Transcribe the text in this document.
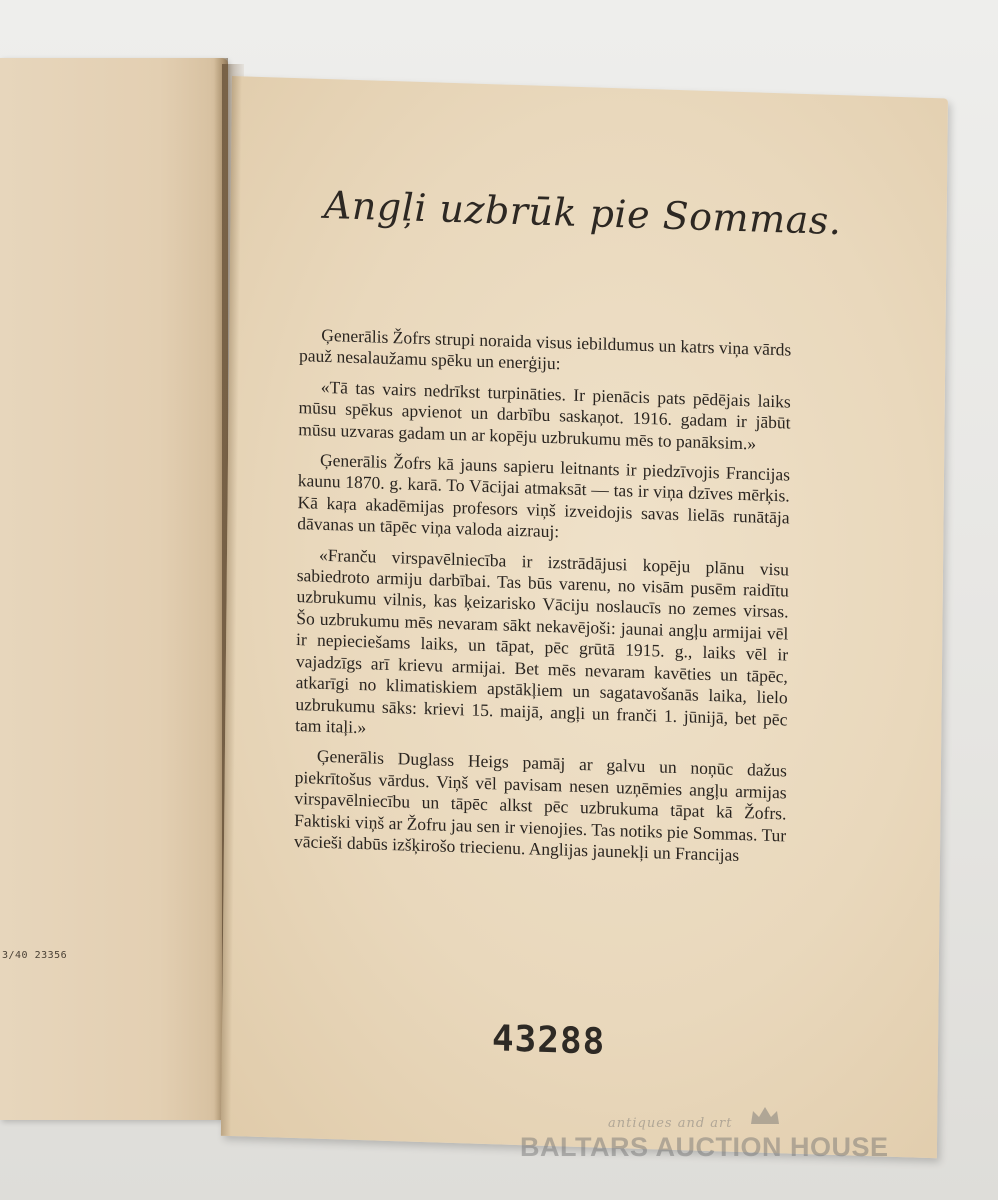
3/40 23356
Angļi uzbrūk pie Sommas.

Ģenerālis Žofrs strupi noraida visus iebildumus un katrs viņa vārds pauž nesalaužamu spēku un enerģiju:

«Tā tas vairs nedrīkst turpināties. Ir pienācis pats pēdējais laiks mūsu spēkus apvienot un darbību saskaņot. 1916. gadam ir jābūt mūsu uzvaras gadam un ar kopēju uzbrukumu mēs to panāksim.»

Ģenerālis Žofrs kā jauns sapieru leitnants ir piedzīvojis Francijas kaunu 1870. g. karā. To Vācijai atmaksāt — tas ir viņa dzīves mērķis. Kā kaŗa akadēmijas profesors viņš izveidojis savas lielās runātāja dāvanas un tāpēc viņa valoda aizrauj:

«Franču virspavēlniecība ir izstrādājusi kopēju plānu visu sabiedroto armiju darbībai. Tas būs varenu, no visām pusēm raidītu uzbrukumu vilnis, kas ķeizarisko Vāciju noslaucīs no zemes virsas. Šo uzbrukumu mēs nevaram sākt nekavējoši: jaunai angļu armijai vēl ir nepieciešams laiks, un tāpat, pēc grūtā 1915. g., laiks vēl ir vajadzīgs arī krievu armijai. Bet mēs nevaram kavēties un tāpēc, atkarīgi no klimatiskiem apstākļiem un sagatavošanās laika, lielo uzbrukumu sāks: krievi 15. maijā, angļi un franči 1. jūnijā, bet pēc tam itaļi.»

Ģenerālis Duglass Heigs pamāj ar galvu un noņūc dažus piekrītošus vārdus. Viņš vēl pavisam nesen uzņēmies angļu armijas virspavēlniecību un tāpēc alkst pēc uzbrukuma tāpat kā Žofrs. Faktiski viņš ar Žofru jau sen ir vienojies. Tas notiks pie Sommas. Tur vācieši dabūs izšķirošo triecienu. Anglijas jaunekļi un Francijas

43288
antiques and art
BALTARS AUCTION HOUSE
